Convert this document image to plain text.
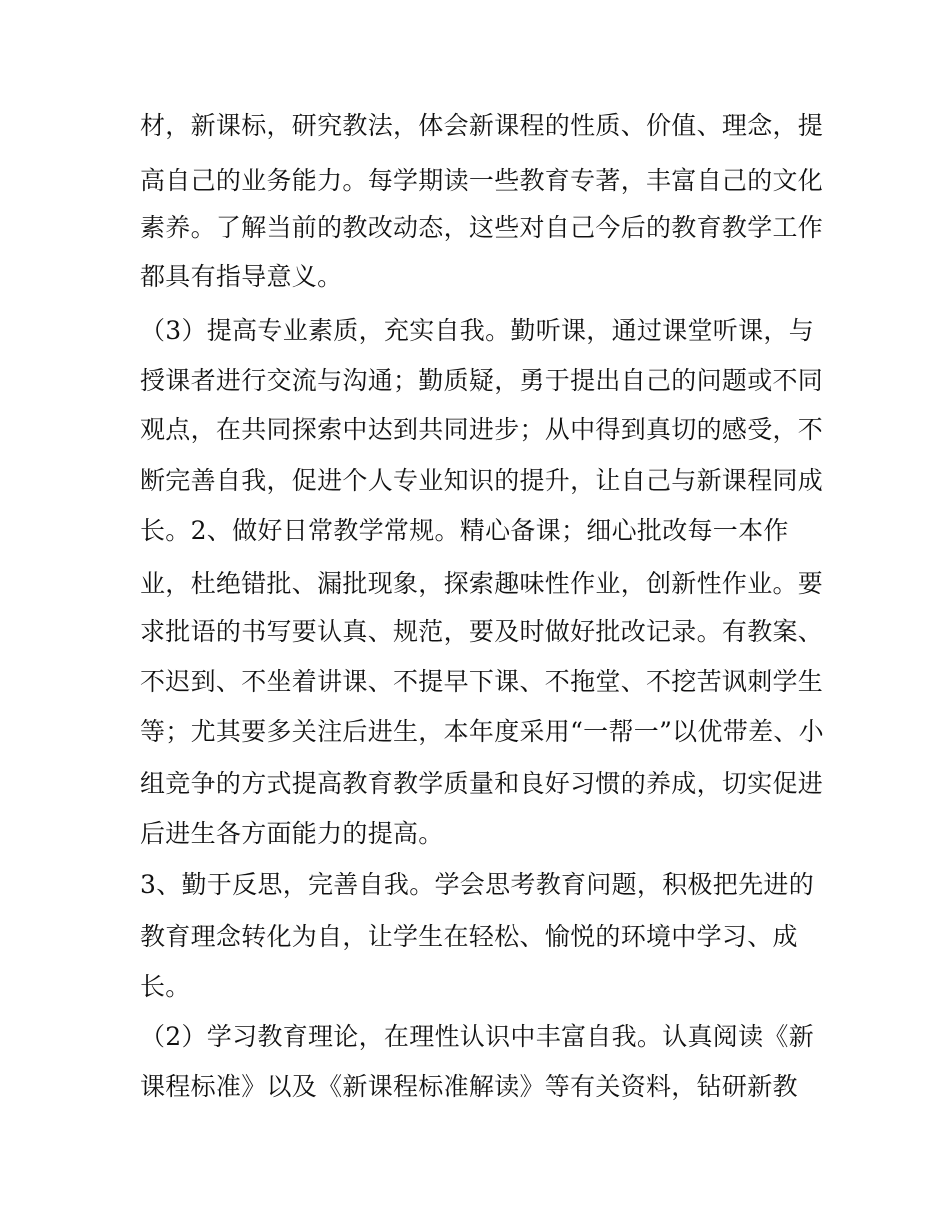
材，新课标，研究教法，体会新课程的性质、价值、理念，提

高自己的业务能力。每学期读一些教育专著，丰富自己的文化

素养。了解当前的教改动态，这些对自己今后的教育教学工作

都具有指导意义。

（3）提高专业素质，充实自我。勤听课，通过课堂听课，与

授课者进行交流与沟通；勤质疑，勇于提出自己的问题或不同

观点，在共同探索中达到共同进步；从中得到真切的感受，不

断完善自我，促进个人专业知识的提升，让自己与新课程同成

长。2、做好日常教学常规。精心备课；细心批改每一本作

业，杜绝错批、漏批现象，探索趣味性作业，创新性作业。要

求批语的书写要认真、规范，要及时做好批改记录。有教案、

不迟到、不坐着讲课、不提早下课、不拖堂、不挖苦讽刺学生

等；尤其要多关注后进生，本年度采用“一帮一”以优带差、小

组竞争的方式提高教育教学质量和良好习惯的养成，切实促进

后进生各方面能力的提高。

3、勤于反思，完善自我。学会思考教育问题，积极把先进的

教育理念转化为自，让学生在轻松、愉悦的环境中学习、成

长。

（2）学习教育理论，在理性认识中丰富自我。认真阅读《新

课程标准》以及《新课程标准解读》等有关资料，钻研新教
